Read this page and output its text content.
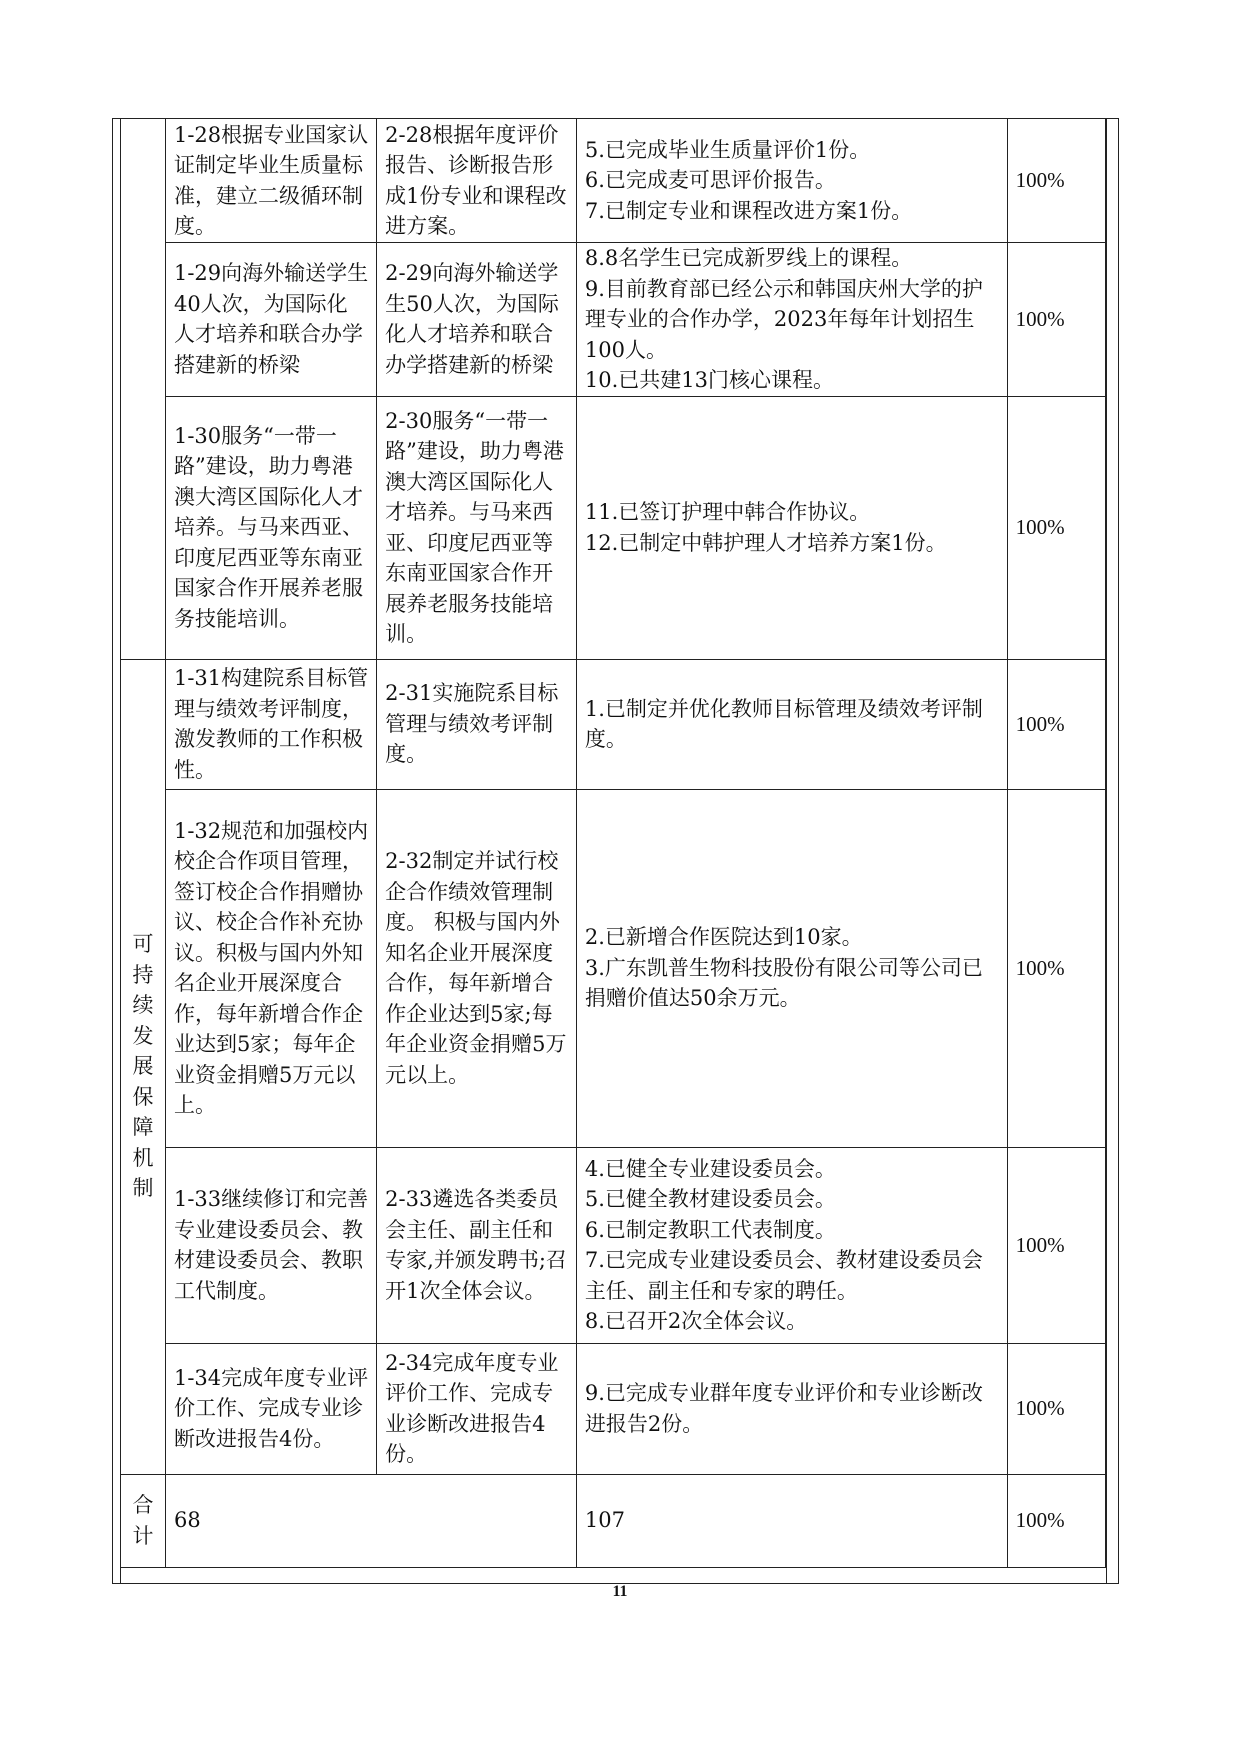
	1-28根据专业国家认证制定毕业生质量标准，建立二级循环制度。	2-28根据年度评价报告、诊断报告形成1份专业和课程改进方案。	5.已完成毕业生质量评价1份。
6.已完成麦可思评价报告。
7.已制定专业和课程改进方案1份。	100%
	1-29向海外输送学生40人次，为国际化人才培养和联合办学搭建新的桥梁	2-29向海外输送学生50人次，为国际化人才培养和联合办学搭建新的桥梁	8.8名学生已完成新罗线上的课程。
9.目前教育部已经公示和韩国庆州大学的护理专业的合作办学，2023年每年计划招生100人。
10.已共建13门核心课程。	100%
	1-30服务“一带一路”建设，助力粤港澳大湾区国际化人才培养。与马来西亚、印度尼西亚等东南亚国家合作开展养老服务技能培训。	2-30服务“一带一路”建设，助力粤港澳大湾区国际化人才培养。与马来西亚、印度尼西亚等东南亚国家合作开展养老服务技能培训。	11.已签订护理中韩合作协议。
12.已制定中韩护理人才培养方案1份。	100%
可持续发展保障机制	1-31构建院系目标管理与绩效考评制度，激发教师的工作积极性。	2-31实施院系目标管理与绩效考评制度。	1.已制定并优化教师目标管理及绩效考评制度。	100%
	1-32规范和加强校内校企合作项目管理，签订校企合作捐赠协议、校企合作补充协议。积极与国内外知名企业开展深度合作，每年新增合作企业达到5家；每年企业资金捐赠5万元以上。	2-32制定并试行校企合作绩效管理制度。 积极与国内外知名企业开展深度合作，每年新增合作企业达到5家;每年企业资金捐赠5万元以上。	2.已新增合作医院达到10家。
3.广东凯普生物科技股份有限公司等公司已捐赠价值达50余万元。	100%
	1-33继续修订和完善专业建设委员会、教材建设委员会、教职工代制度。	2-33遴选各类委员会主任、副主任和专家,并颁发聘书;召开1次全体会议。	4.已健全专业建设委员会。
5.已健全教材建设委员会。
6.已制定教职工代表制度。
7.已完成专业建设委员会、教材建设委员会主任、副主任和专家的聘任。
8.已召开2次全体会议。	100%
	1-34完成年度专业评价工作、完成专业诊断改进报告4份。	2-34完成年度专业评价工作、完成专业诊断改进报告4份。	9.已完成专业群年度专业评价和专业诊断改进报告2份。	100%
合计	68		107	100%
11
